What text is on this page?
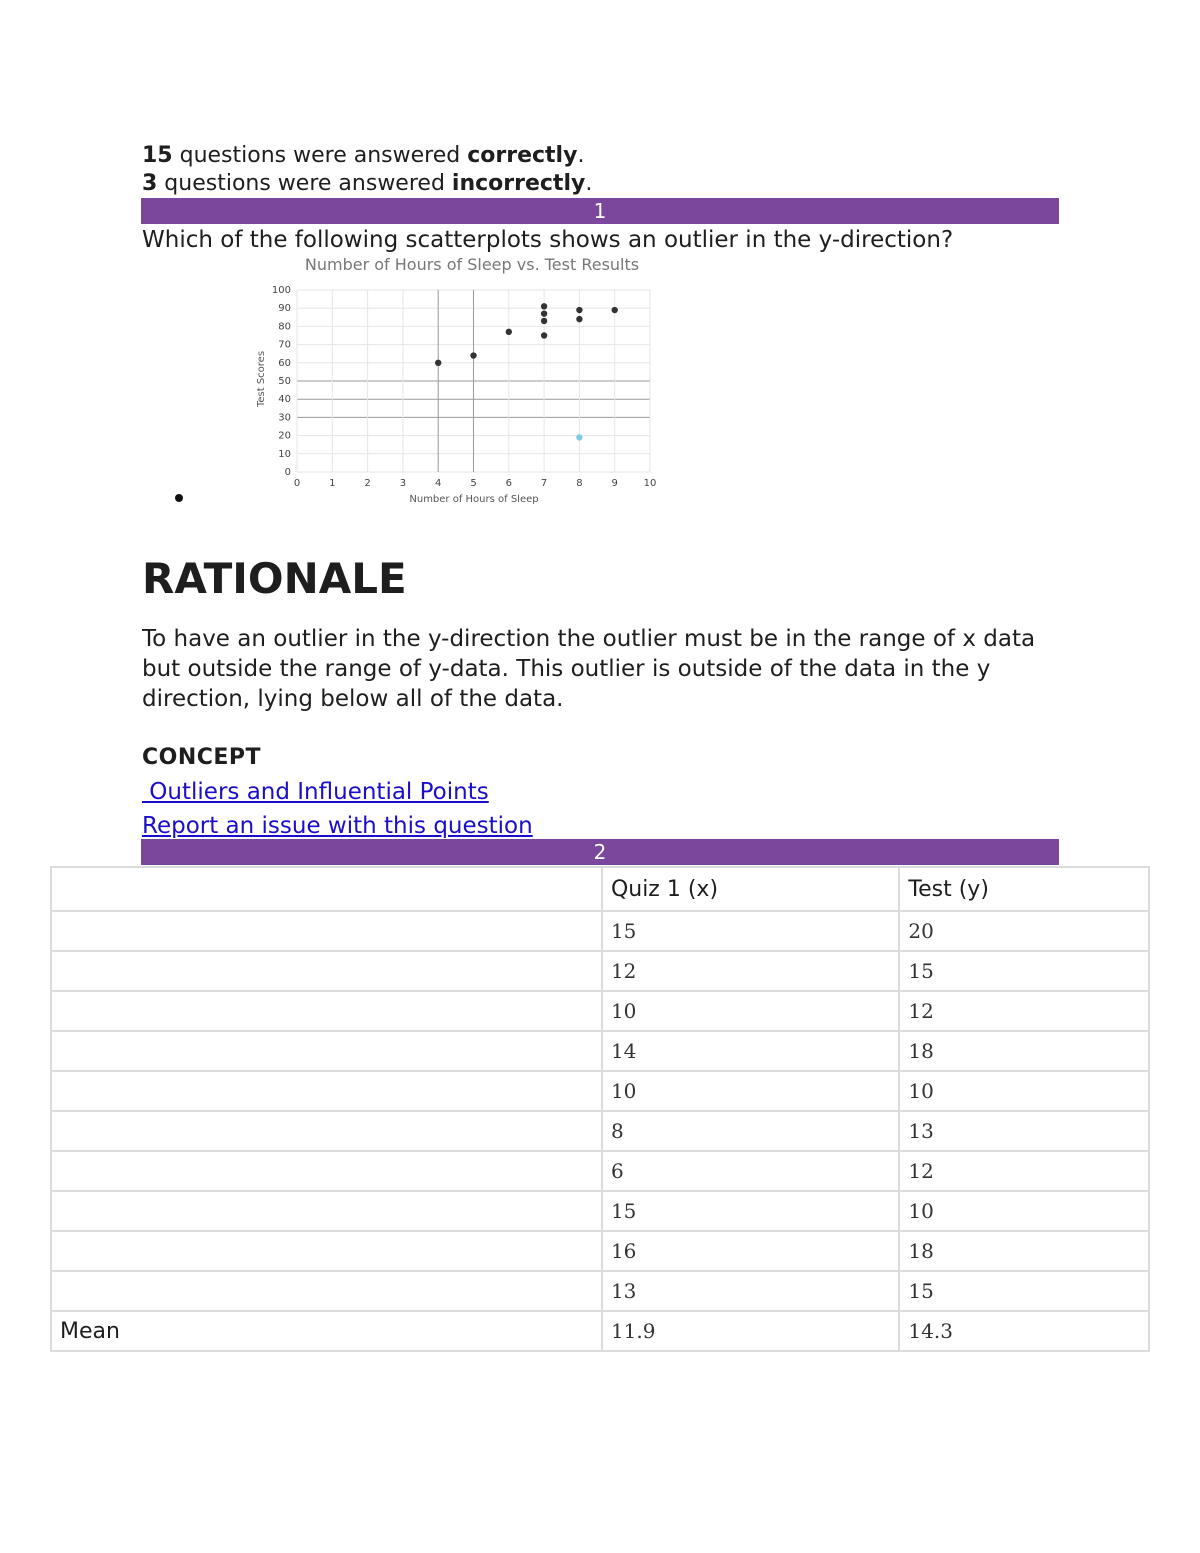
15 questions were answered correctly.
3 questions were answered incorrectly.
1
Which of the following scatterplots shows an outlier in the y-direction?
Number of Hours of Sleep vs. Test Results
0
10
20
30
40
50
60
70
80
90
100
0	1	2	3	4	5	6	7	8	9	10
Test Scores
Number of Hours of Sleep
RATIONALE
To have an outlier in the y-direction the outlier must be in the range of x data but outside the range of y-data. This outlier is outside of the data in the y direction, lying below all of the data.
CONCEPT
Outliers and Influential Points
Report an issue with this question
2
	Quiz 1 (x)	Test (y)
	15	20
	12	15
	10	12
	14	18
	10	10
	8	13
	6	12
	15	10
	16	18
	13	15
Mean	11.9	14.3
